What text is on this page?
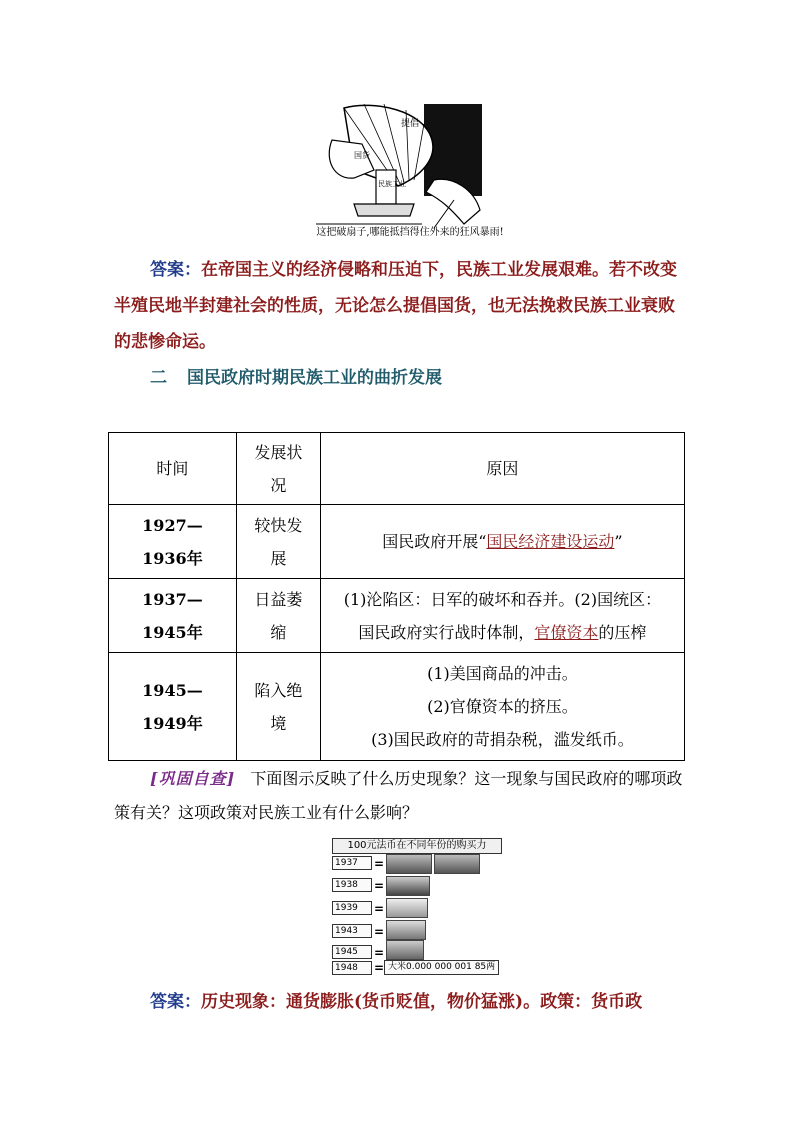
提倡
国货
民族工业
这把破扇子,哪能抵挡得住外来的狂风暴雨!
答案：在帝国主义的经济侵略和压迫下，民族工业发展艰难。若不改变半殖民地半封建社会的性质，无论怎么提倡国货，也无法挽救民族工业衰败的悲惨命运。
二 国民政府时期民族工业的曲折发展
时间	发展状况	原因
1927—1936年	较快发展	国民政府开展“国民经济建设运动”
1937—1945年	日益萎缩	(1)沦陷区：日军的破坏和吞并。(2)国统区：
国民政府实行战时体制，官僚资本的压榨

1945—1949年	陷入绝境	(1)美国商品的冲击。
(2)官僚资本的挤压。
(3)国民政府的苛捐杂税，滥发纸币。
[巩固自查] 下面图示反映了什么历史现象？这一现象与国民政府的哪项政策有关？这项政策对民族工业有什么影响？
100元法币在不同年份的购买力
1937	=
1938	=
1939	=
1943	=
1945	=
1948	= 大米0.000 000 001 85两
答案：历史现象：通货膨胀(货币贬值，物价猛涨)。政策：货币政
